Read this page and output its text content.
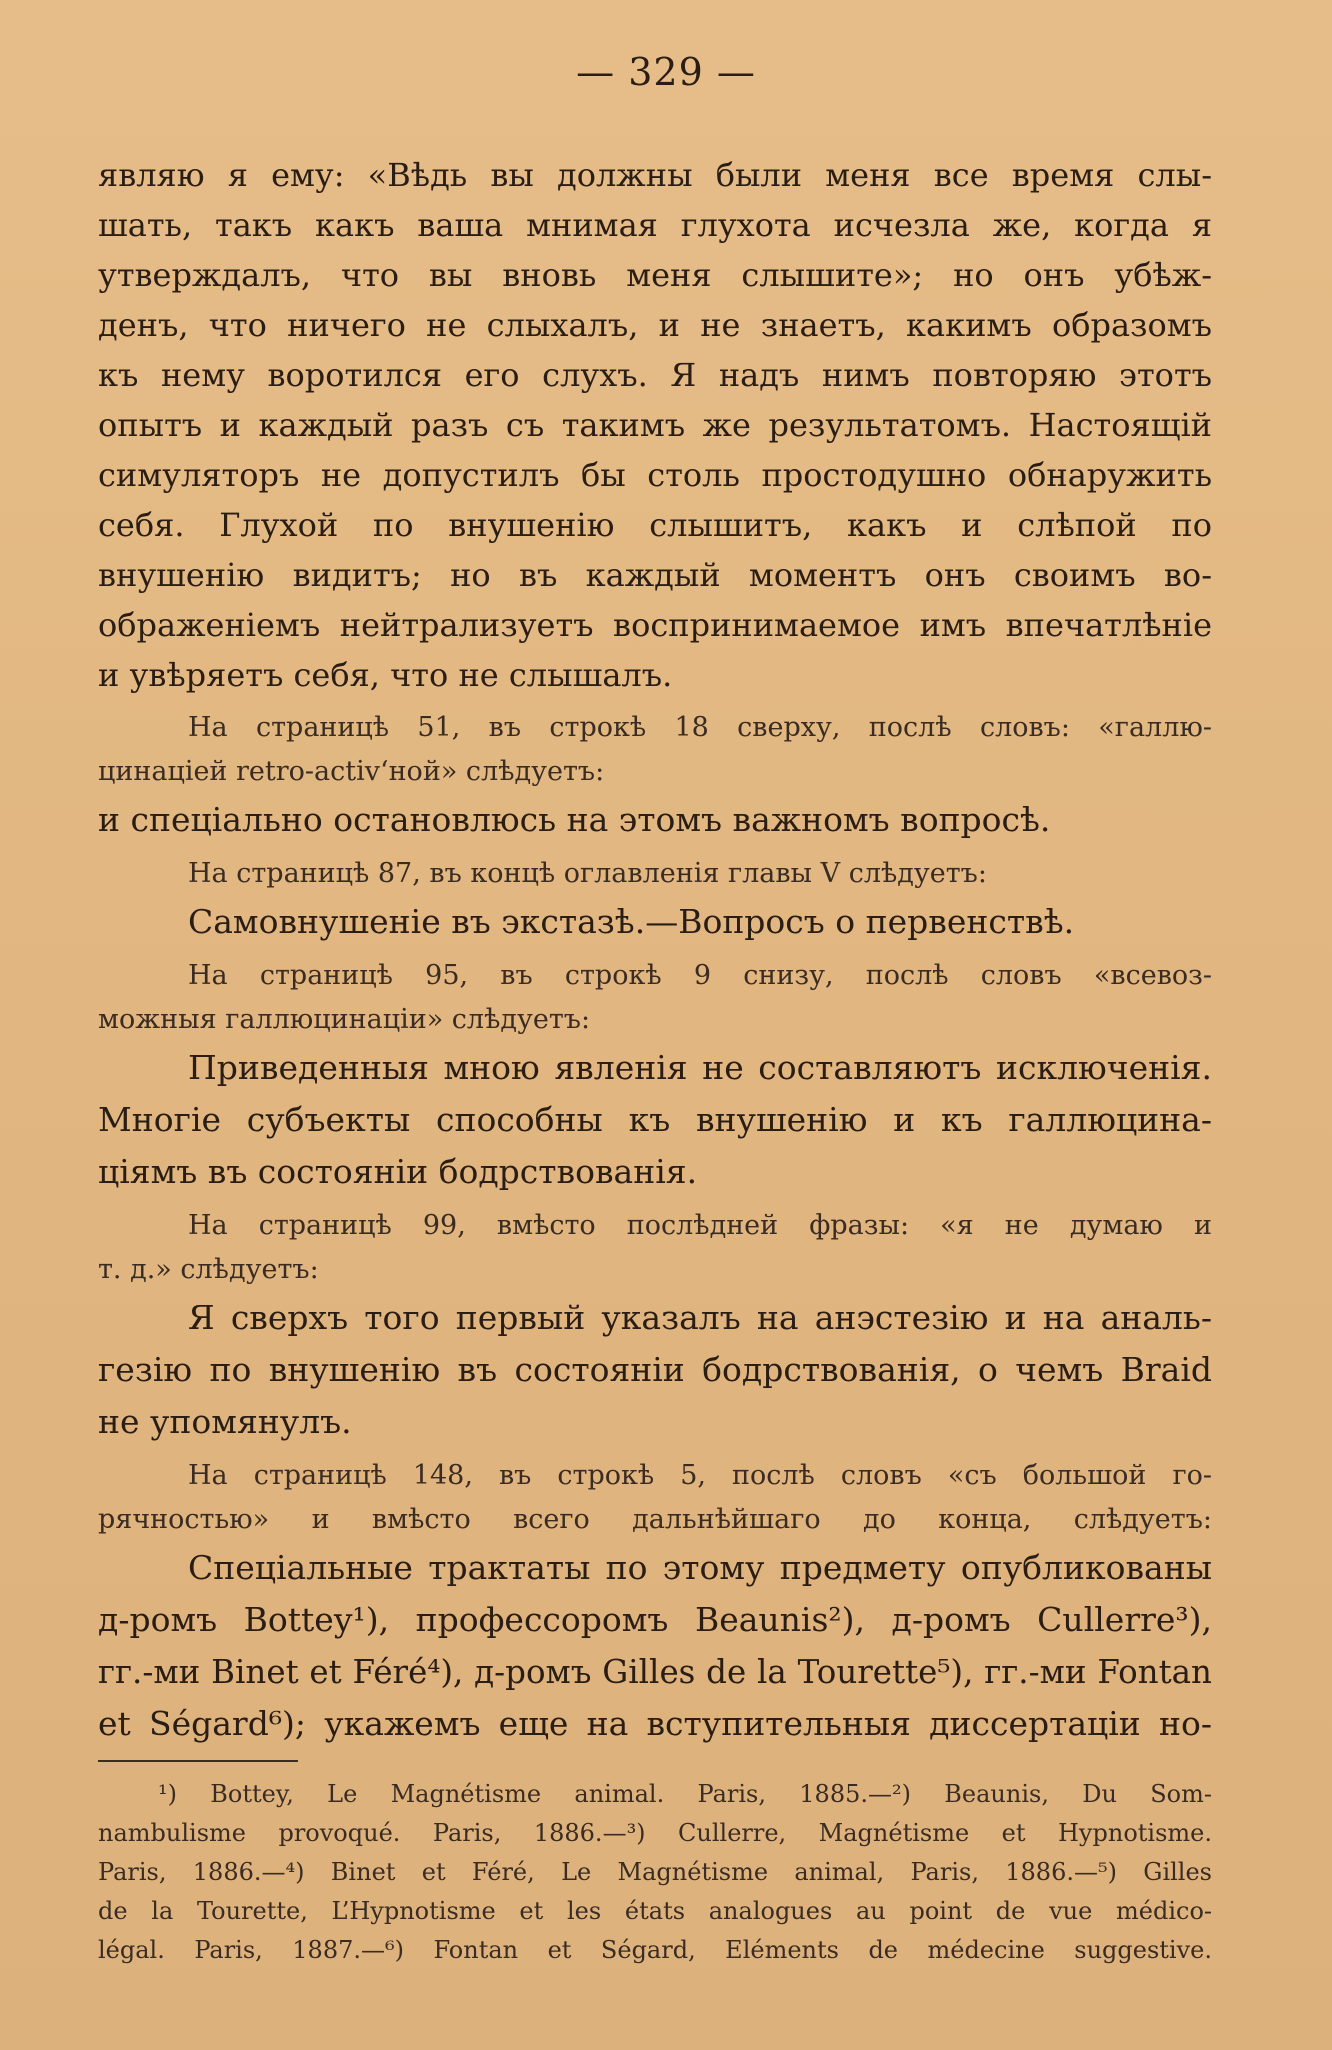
— 329 —
являю я ему: «Вѣдь вы должны были меня все время слы-
шать, такъ какъ ваша мнимая глухота исчезла же, когда я
утверждалъ, что вы вновь меня слышите»; но онъ убѣж-
денъ, что ничего не слыхалъ, и не знаетъ, какимъ образомъ
къ нему воротился его слухъ. Я надъ нимъ повторяю этотъ
опытъ и каждый разъ съ такимъ же результатомъ. Настоящій
симуляторъ не допустилъ бы столь простодушно обнаружить
себя. Глухой по внушенію слышитъ, какъ и слѣпой по
внушенію видитъ; но въ каждый моментъ онъ своимъ во-
ображеніемъ нейтрализуетъ воспринимаемое имъ впечатлѣніе
и увѣряетъ себя, что не слышалъ.
На страницѣ 51, въ строкѣ 18 сверху, послѣ словъ: «галлю-
цинаціей retro-activ‘ной» слѣдуетъ:
и спеціально остановлюсь на этомъ важномъ вопросѣ.
На страницѣ 87, въ концѣ оглавленія главы V слѣдуетъ:
Самовнушеніе въ экстазѣ.—Вопросъ о первенствѣ.
На страницѣ 95, въ строкѣ 9 снизу, послѣ словъ «всевоз-
можныя галлюцинаціи» слѣдуетъ:
Приведенныя мною явленія не составляютъ исключенія.
Многіе субъекты способны къ внушенію и къ галлюцина-
ціямъ въ состояніи бодрствованія.
На страницѣ 99, вмѣсто послѣдней фразы: «я не думаю и
т. д.» слѣдуетъ:
Я сверхъ того первый указалъ на анэстезію и на аналь-
гезію по внушенію въ состояніи бодрствованія, о чемъ Braid
не упомянулъ.
На страницѣ 148, въ строкѣ 5, послѣ словъ «съ большой го-
рячностью» и вмѣсто всего дальнѣйшаго до конца, слѣдуетъ:
Спеціальные трактаты по этому предмету опубликованы
д-ромъ Bottey¹), профессоромъ Beaunis²), д-ромъ Cullerre³),
гг.-ми Binet et Féré⁴), д-ромъ Gilles de la Tourette⁵), гг.-ми Fontan
et Ségard⁶); укажемъ еще на вступительныя диссертаціи но-
¹) Bottey, Le Magnétisme animal. Paris, 1885.—²) Beaunis, Du Som-
nambulisme provoqué. Paris, 1886.—³) Cullerre, Magnétisme et Hypnotisme.
Paris, 1886.—⁴) Binet et Féré, Le Magnétisme animal, Paris, 1886.—⁵) Gilles
de la Tourette, L’Hypnotisme et les états analogues au point de vue médico-
légal. Paris, 1887.—⁶) Fontan et Ségard, Eléments de médecine suggestive.
